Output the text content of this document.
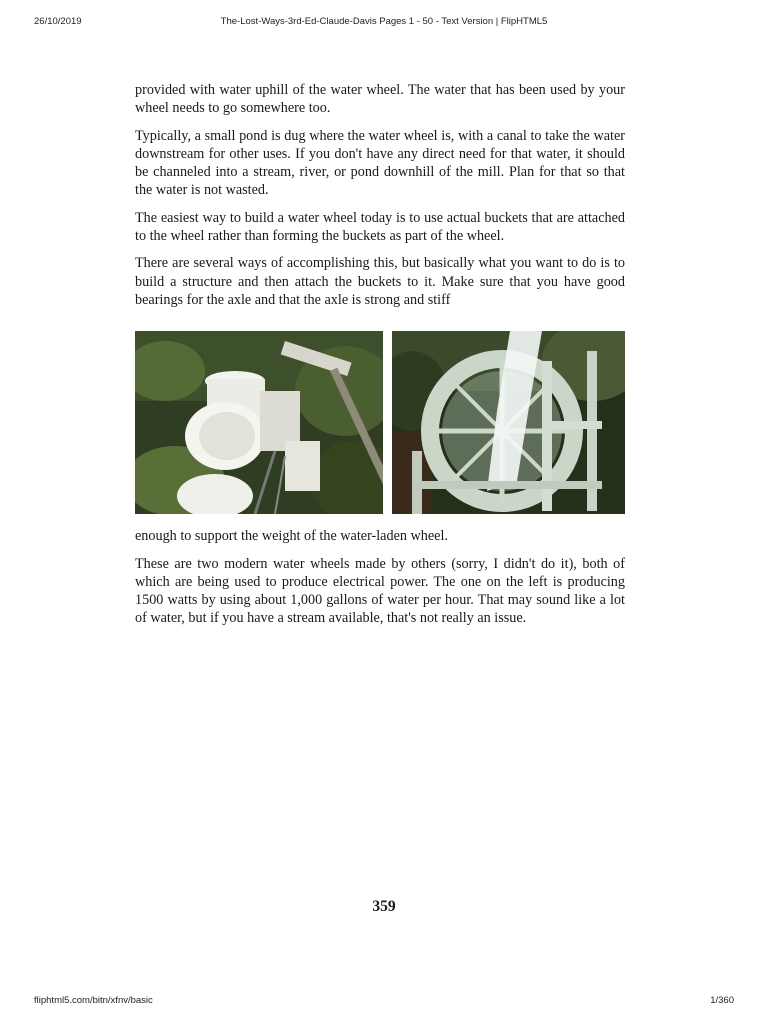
26/10/2019	The-Lost-Ways-3rd-Ed-Claude-Davis Pages 1 - 50 - Text Version | FlipHTML5

provided with water uphill of the water wheel. The water that has been used by your wheel needs to go somewhere too.

Typically, a small pond is dug where the water wheel is, with a canal to take the water downstream for other uses. If you don't have any direct need for that water, it should be channeled into a stream, river, or pond downhill of the mill. Plan for that so that the water is not wasted.

The easiest way to build a water wheel today is to use actual buckets that are attached to the wheel rather than forming the buckets as part of the wheel.

There are several ways of accomplishing this, but basically what you want to do is to build a structure and then attach the buckets to it. Make sure that you have good bearings for the axle and that the axle is strong and stiff

enough to support the weight of the water-laden wheel.

These are two modern water wheels made by others (sorry, I didn't do it), both of which are being used to produce electrical power. The one on the left is producing 1500 watts by using about 1,000 gallons of water per hour. That may sound like a lot of water, but if you have a stream available, that's not really an issue.

359
fliphtml5.com/bitn/xfnv/basic	1/360
